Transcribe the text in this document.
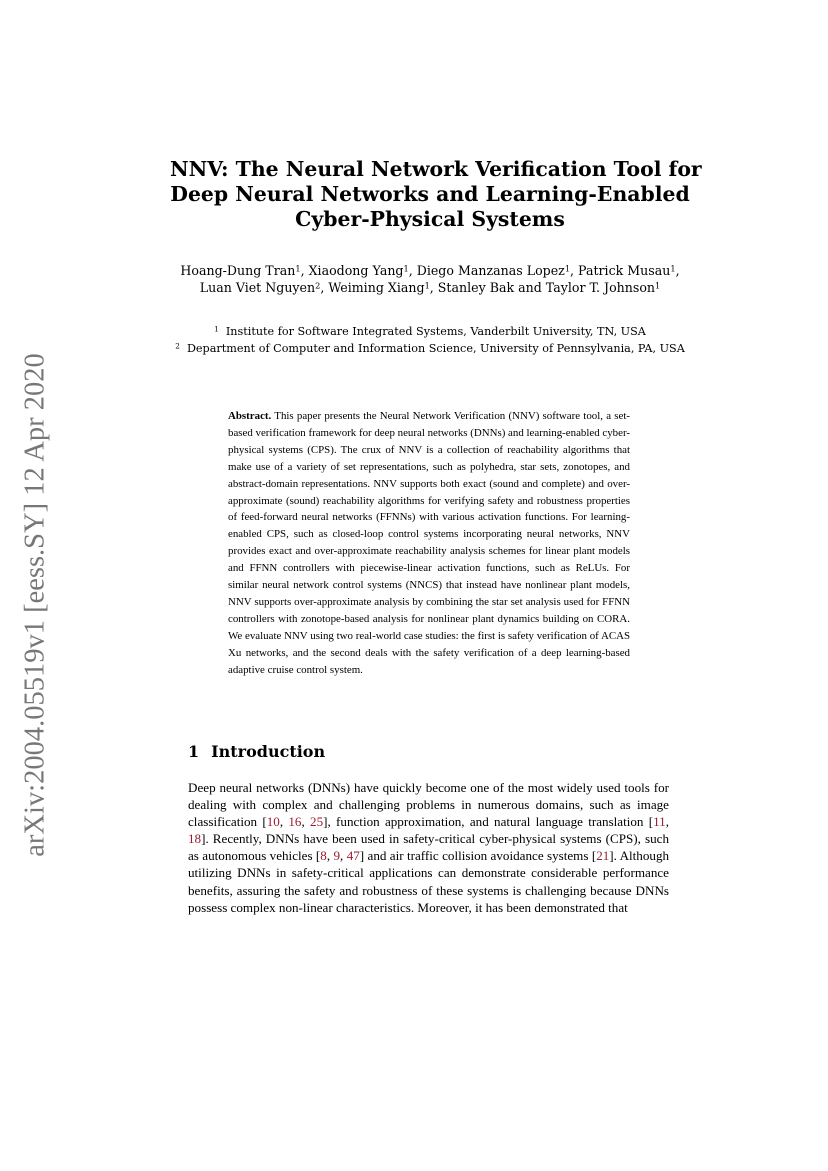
arXiv:2004.05519v1 [eess.SY] 12 Apr 2020
NNV: The Neural Network Verification Tool for
Deep Neural Networks and Learning-Enabled
Cyber-Physical Systems
Hoang-Dung Tran$^1$, Xiaodong Yang$^1$, Diego Manzanas Lopez$^1$, Patrick Musau$^1$, Luan Viet Nguyen$^2$, Weiming Xiang$^1$, Stanley Bak and Taylor T. Johnson$^1$
$^1$ Institute for Software Integrated Systems, Vanderbilt University, TN, USA
$^2$ Department of Computer and Information Science, University of Pennsylvania, PA, USA
Abstract. This paper presents the Neural Network Verification (NNV) software tool, a set-based verification framework for deep neural networks (DNNs) and learning-enabled cyber-physical systems (CPS). The crux of NNV is a collection of reachability algorithms that make use of a variety of set representations, such as polyhedra, star sets, zonotopes, and abstract-domain representations. NNV supports both exact (sound and complete) and over-approximate (sound) reachability algorithms for verifying safety and robustness properties of feed-forward neural networks (FFNNs) with various activation functions. For learning-enabled CPS, such as closed-loop control systems incorporating neural networks, NNV provides exact and over-approximate reachability analysis schemes for linear plant models and FFNN controllers with piecewise-linear activation functions, such as ReLUs. For similar neural network control systems (NNCS) that instead have nonlinear plant models, NNV supports over-approximate analysis by combining the star set analysis used for FFNN controllers with zonotope-based analysis for nonlinear plant dynamics building on CORA. We evaluate NNV using two real-world case studies: the first is safety verification of ACAS Xu networks, and the second deals with the safety verification of a deep learning-based adaptive cruise control system.
1 Introduction
Deep neural networks (DNNs) have quickly become one of the most widely used tools for dealing with complex and challenging problems in numerous domains, such as image classification [10, 16, 25], function approximation, and natural language translation [11, 18]. Recently, DNNs have been used in safety-critical cyber-physical systems (CPS), such as autonomous vehicles [8, 9, 47] and air traffic collision avoidance systems [21]. Although utilizing DNNs in safety-critical applications can demonstrate considerable performance benefits, assuring the safety and robustness of these systems is challenging because DNNs possess complex non-linear characteristics. Moreover, it has been demonstrated that
